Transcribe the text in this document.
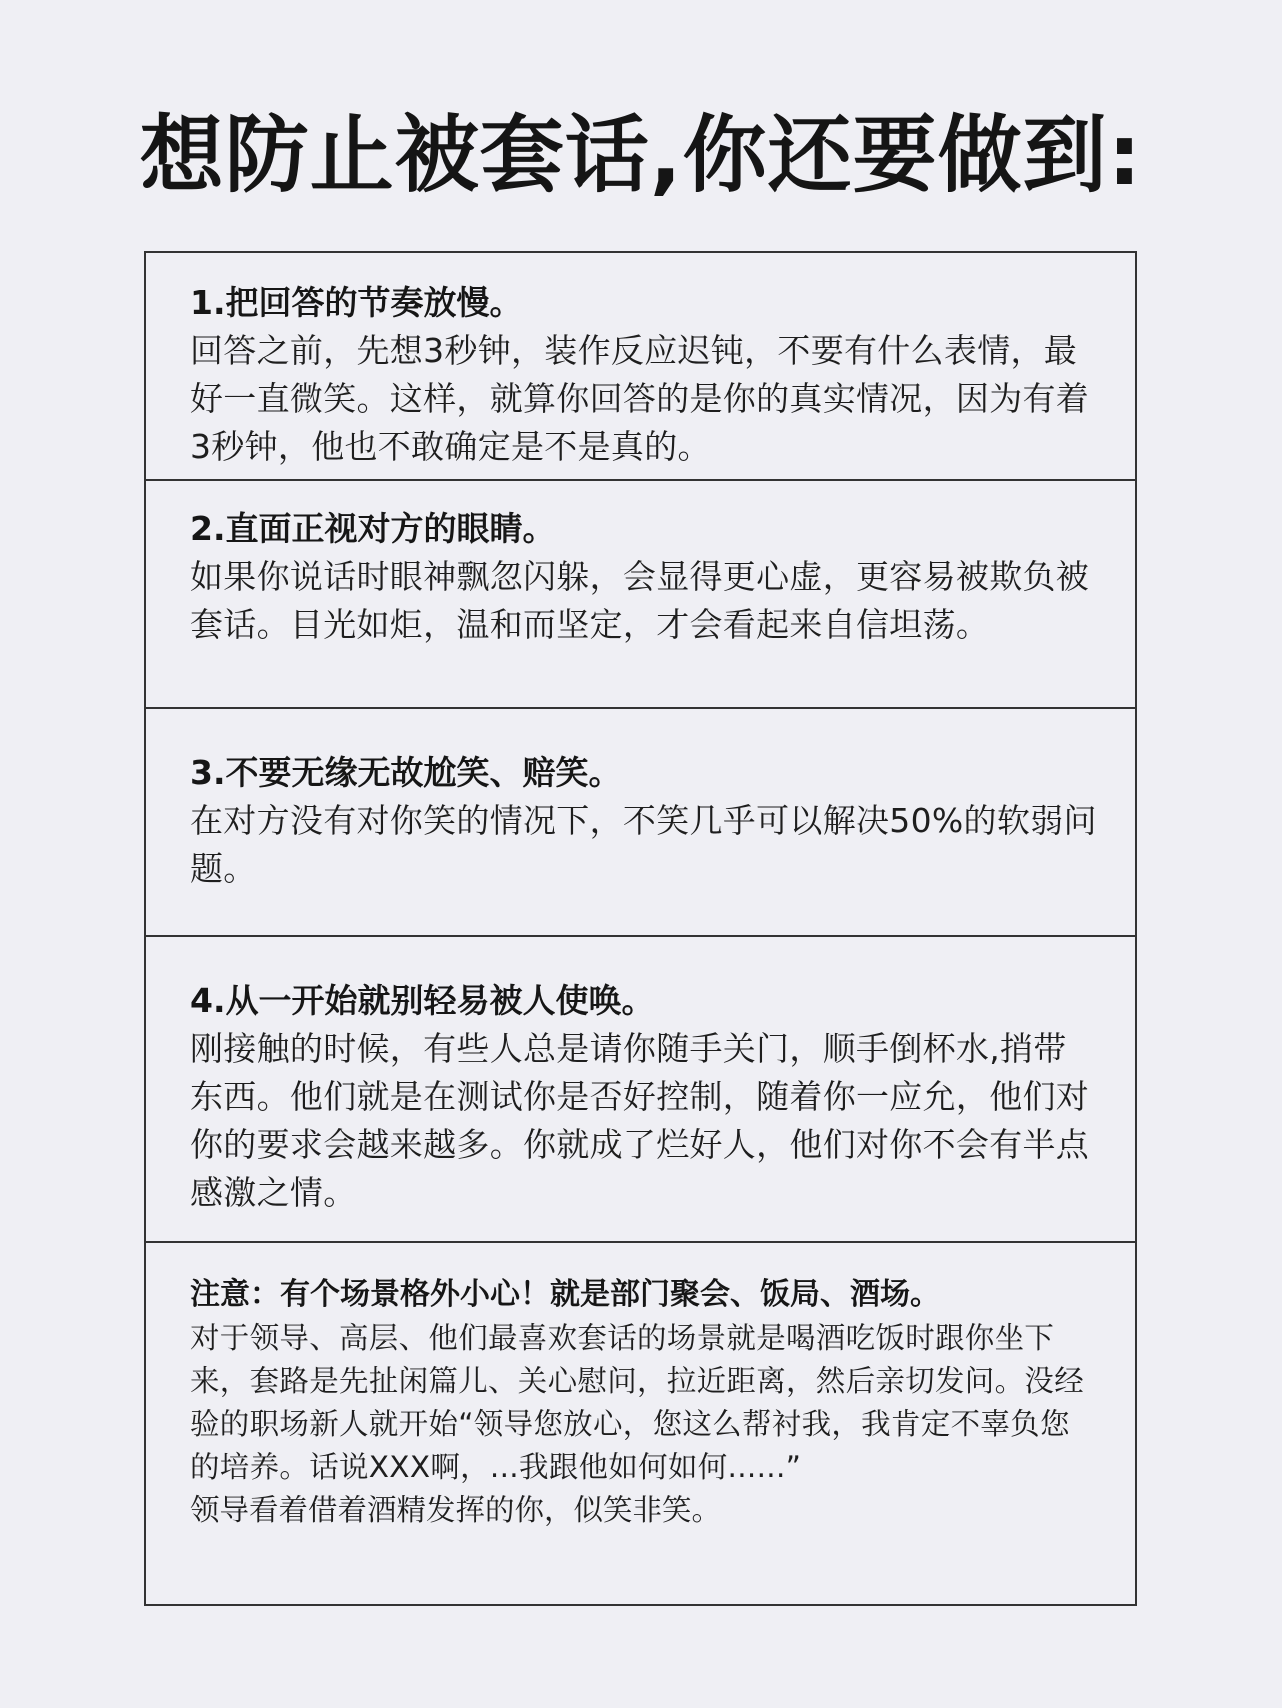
想防止被套话,你还要做到:
1.把回答的节奏放慢。
回答之前，先想3秒钟，装作反应迟钝，不要有什么表情，最好一直微笑。这样，就算你回答的是你的真实情况，因为有着3秒钟，他也不敢确定是不是真的。
2.直面正视对方的眼睛。
如果你说话时眼神飘忽闪躲，会显得更心虚，更容易被欺负被套话。目光如炬，温和而坚定，才会看起来自信坦荡。
3.不要无缘无故尬笑、赔笑。
在对方没有对你笑的情况下，不笑几乎可以解决50%的软弱问题。
4.从一开始就别轻易被人使唤。
刚接触的时候，有些人总是请你随手关门，顺手倒杯水,捎带东西。他们就是在测试你是否好控制，随着你一应允，他们对你的要求会越来越多。你就成了烂好人，他们对你不会有半点感激之情。
注意：有个场景格外小心！就是部门聚会、饭局、酒场。
对于领导、高层、他们最喜欢套话的场景就是喝酒吃饭时跟你坐下来，套路是先扯闲篇儿、关心慰问，拉近距离，然后亲切发问。没经验的职场新人就开始“领导您放心，您这么帮衬我，我肯定不辜负您的培养。话说XXX啊，...我跟他如何如何......”
领导看着借着酒精发挥的你，似笑非笑。
